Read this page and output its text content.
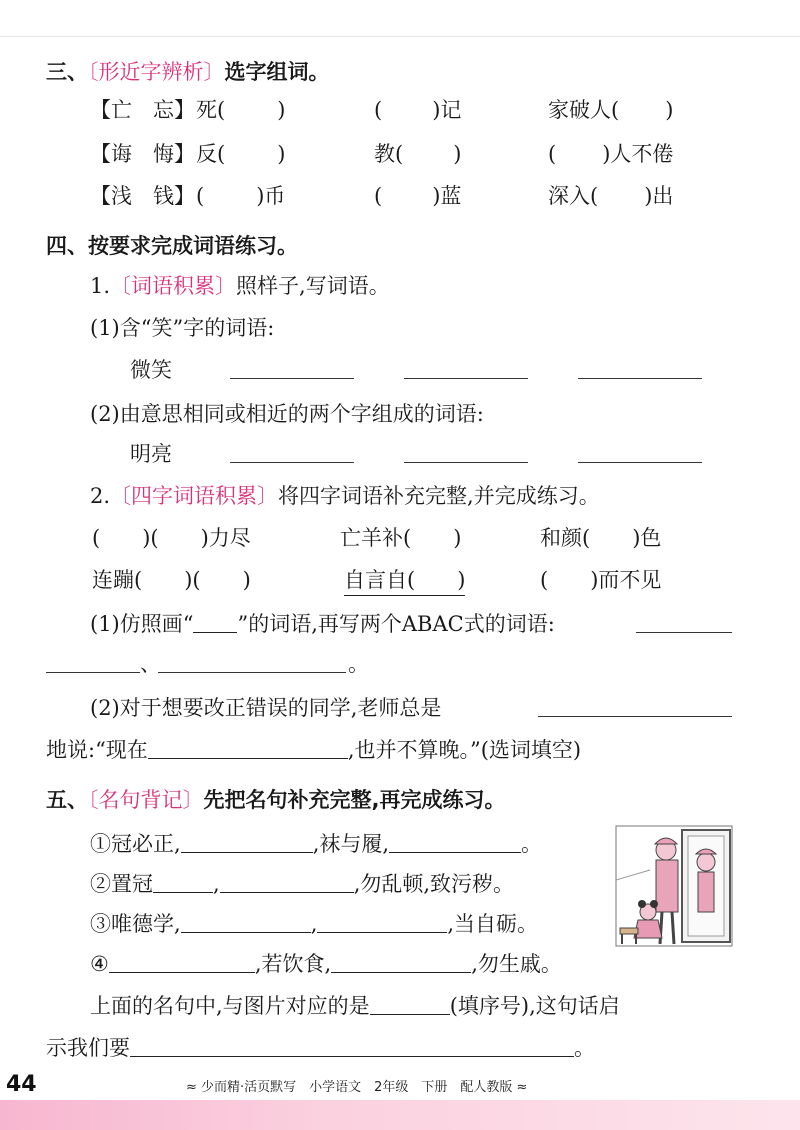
三、〔形近字辨析〕选字组词。
【亡　忘】 死( )	( )记	家破人( )
【诲　悔】 反( )	教( )	( )人不倦
【浅　钱】 ( )币	( )蓝	深入( )出
四、按要求完成词语练习。
1.〔词语积累〕照样子,写词语。
(1)含“笑”字的词语:
微笑
(2)由意思相同或相近的两个字组成的词语:
明亮
2.〔四字词语积累〕将四字词语补充完整,并完成练习。
(　　)(　　)力尽	亡羊补(　　)	和颜(　　)色
连蹦(　　)(　　)	自言自(　　)	(　　)而不见
(1)仿照画“ ”的词语,再写两个ABAC式的词语:
、	。
(2)对于想要改正错误的同学,老师总是
地说:“现在	,也并不算晚。”(选词填空)
五、〔名句背记〕先把名句补充完整,再完成练习。
①冠必正,	,袜与履,	。
②置冠	,	,勿乱顿,致污秽。
③唯德学,	,	,当自砺。
④	,若饮食,	,勿生戚。
上面的名句中,与图片对应的是	(填序号),这句话启
示我们要	。
44	≈ 少而精·活页默写　小学语文　2年级　下册　配人教版 ≈
